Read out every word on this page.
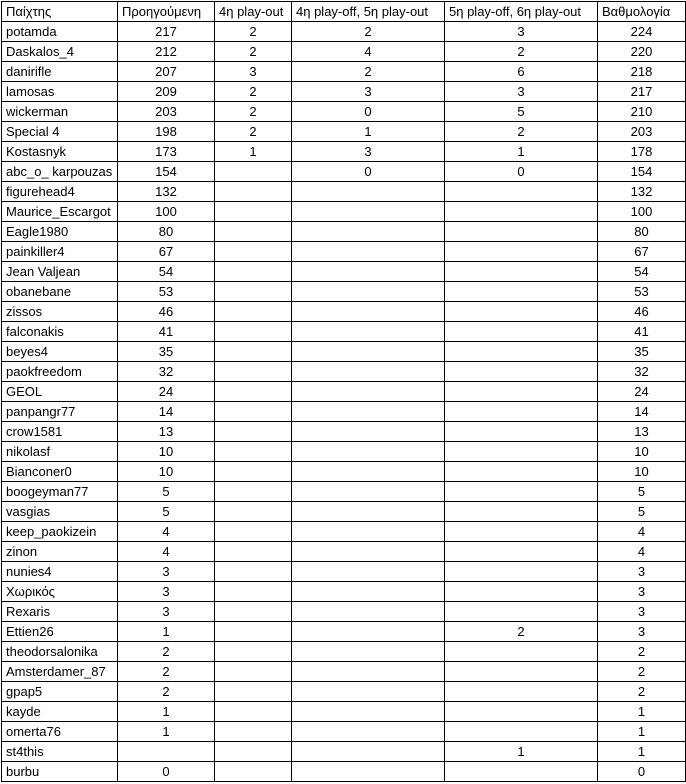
Παίχτης	Προηγούμενη	4η play-out	4η play-off, 5η play-out	5η play-off, 6η play-out	Βαθμολογία
potamda	217	2	2	3	224
Daskalos_4	212	2	4	2	220
danirifle	207	3	2	6	218
lamosas	209	2	3	3	217
wickerman	203	2	0	5	210
Special 4	198	2	1	2	203
Kostasnyk	173	1	3	1	178
abc_o_ karpouzas	154		0	0	154
figurehead4	132				132
Maurice_Escargot	100				100
Eagle1980	80				80
painkiller4	67				67
Jean Valjean	54				54
obanebane	53				53
zissos	46				46
falconakis	41				41
beyes4	35				35
paokfreedom	32				32
GEOL	24				24
panpangr77	14				14
crow1581	13				13
nikolasf	10				10
Bianconer0	10				10
boogeyman77	5				5
vasgias	5				5
keep_paokizein	4				4
zinon	4				4
nunies4	3				3
Χωρικός	3				3
Rexaris	3				3
Ettien26	1			2	3
theodorsalonika	2				2
Amsterdamer_87	2				2
gpap5	2				2
kayde	1				1
omerta76	1				1
st4this				1	1
burbu	0				0
